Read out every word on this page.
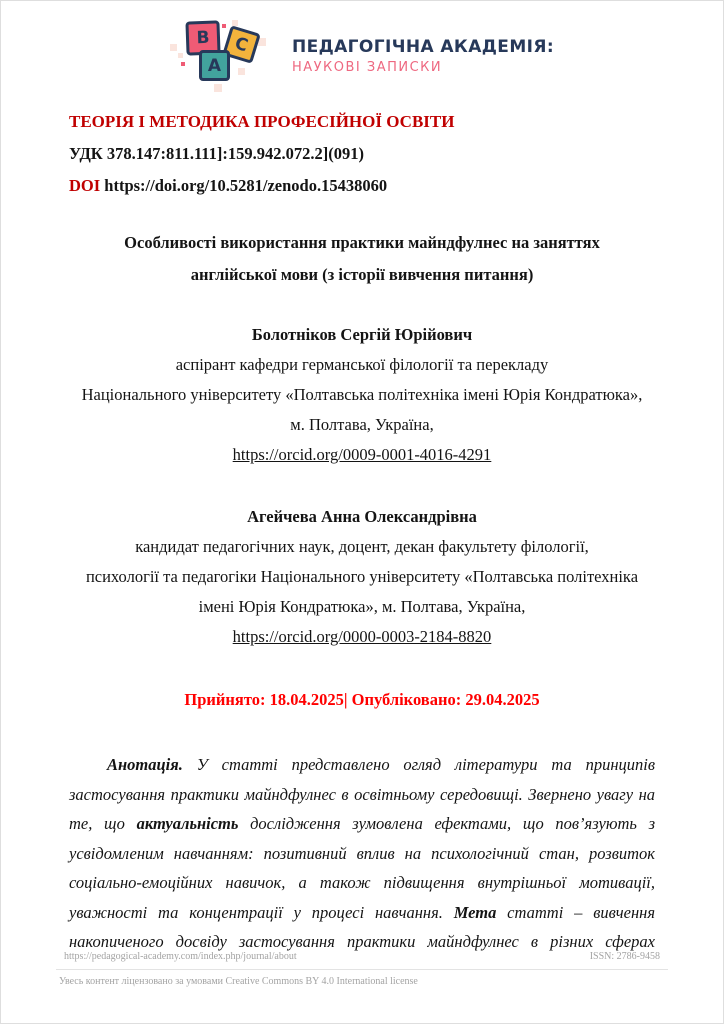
B C
A
ПЕДАГОГІЧНА АКАДЕМІЯ:
НАУКОВІ ЗАПИСКИ
ТЕОРІЯ І МЕТОДИКА ПРОФЕСІЙНОЇ ОСВІТИ
УДК 378.147:811.111]:159.942.072.2](091)
DOI https://doi.org/10.5281/zenodo.15438060
Особливості використання практики майндфулнес на заняттях
англійської мови (з історії вивчення питання)
Болотніков Сергій Юрійович
аспірант кафедри германської філології та перекладу
Національного університету «Полтавська політехніка імені Юрія Кондратюка»,
м. Полтава, Україна,
https://orcid.org/0009-0001-4016-4291
Агейчева Анна Олександрівна
кандидат педагогічних наук, доцент, декан факультету філології,
психології та педагогіки Національного університету «Полтавська політехніка
імені Юрія Кондратюка», м. Полтава, Україна,
https://orcid.org/0000-0003-2184-8820
Прийнято: 18.04.2025| Опубліковано: 29.04.2025

Анотація. У статті представлено огляд літератури та принципів застосування практики майндфулнес в освітньому середовищі. Звернено увагу на те, що актуальність дослідження зумовлена ефектами, що пов’язують з усвідомленим навчанням: позитивний вплив на психологічний стан, розвиток соціально-емоційних навичок, а також підвищення внутрішньої мотивації, уважності та концентрації у процесі навчання. Мета статті – вивчення накопиченого досвіду застосування практики майндфулнес в різних сферах

https://pedagogical-academy.com/index.php/journal/about	ISSN: 2786-9458
Увесь контент ліцензовано за умовами Creative Commons BY 4.0 International license
